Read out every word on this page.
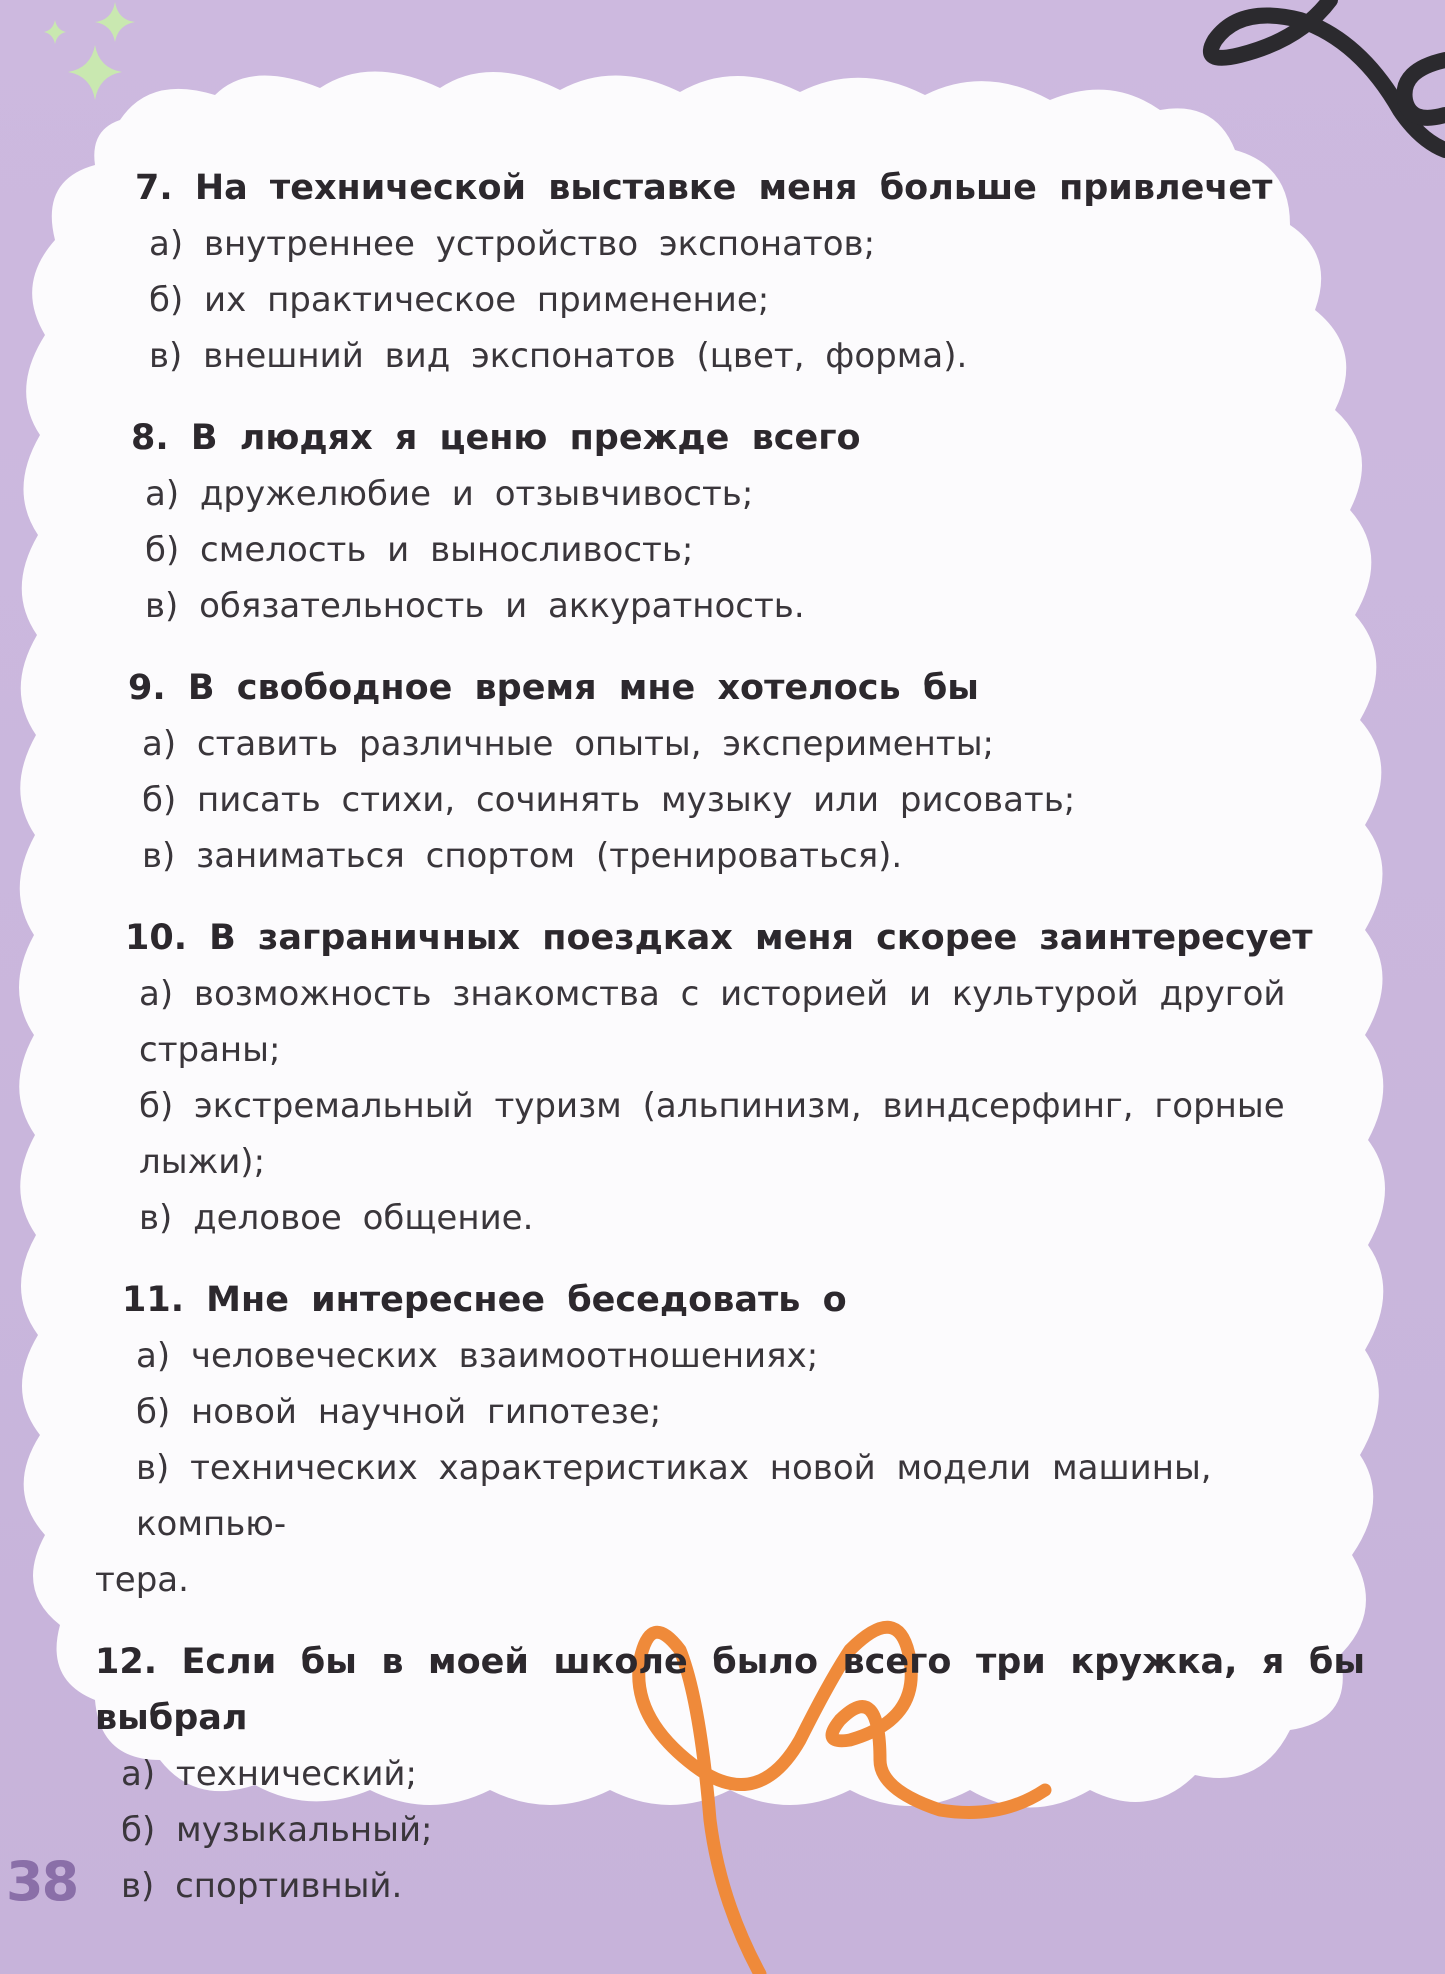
7. На технической выставке меня больше привлечет
а) внутреннее устройство экспонатов;
б) их практическое применение;
в) внешний вид экспонатов (цвет, форма).
8. В людях я ценю прежде всего
а) дружелюбие и отзывчивость;
б) смелость и выносливость;
в) обязательность и аккуратность.
9. В свободное время мне хотелось бы
а) ставить различные опыты, эксперименты;
б) писать стихи, сочинять музыку или рисовать;
в) заниматься спортом (тренироваться).
10. В заграничных поездках меня скорее заинтересует
а) возможность знакомства с историей и культурой другой страны;
б) экстремальный туризм (альпинизм, виндсерфинг, горные лыжи);
в) деловое общение.
11. Мне интереснее беседовать о
а) человеческих взаимоотношениях;
б) новой научной гипотезе;
в) технических характеристиках новой модели машины, компью-
тера.
12. Если бы в моей школе было всего три кружка, я бы выбрал
а) технический;
б) музыкальный;
в) спортивный.
38
